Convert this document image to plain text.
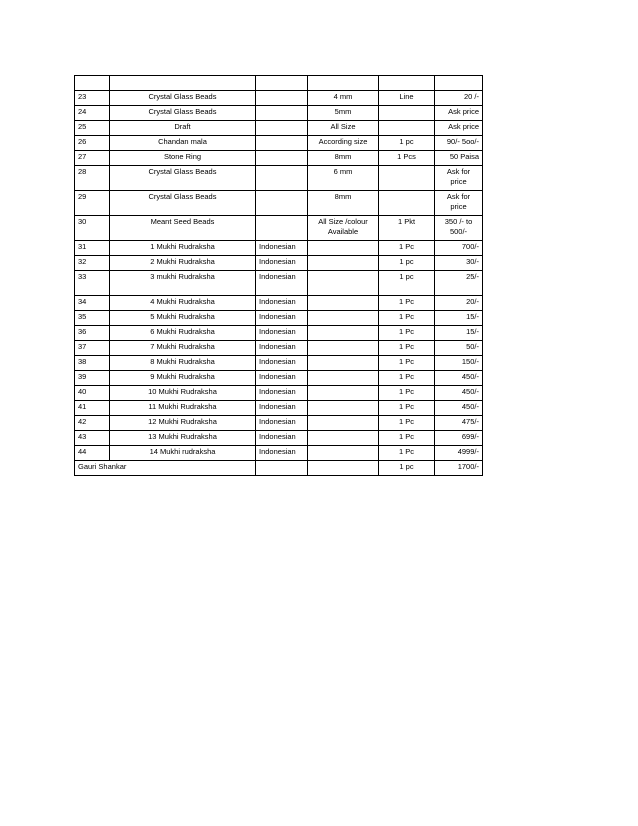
23	Crystal Glass Beads		4 mm	Line	20 /-
24	Crystal Glass Beads		5mm		Ask price
25	Draft		All Size		Ask price
26	Chandan mala		According size	1 pc	90/- 5oo/-
27	Stone Ring		8mm	1 Pcs	50 Paisa
28	Crystal Glass Beads		6 mm		Ask for price
29	Crystal Glass Beads		8mm		Ask for price
30	Meant Seed Beads		All Size /colour Available	1 Pkt	350 /- to 500/-
31	1 Mukhi Rudraksha	Indonesian		1 Pc	700/-
32	2 Mukhi Rudraksha	Indonesian		1 pc	30/-
33	3 mukhi Rudraksha	Indonesian		1 pc	25/-
34	4 Mukhi Rudraksha	Indonesian		1 Pc	20/-
35	5 Mukhi Rudraksha	Indonesian		1 Pc	15/-
36	6 Mukhi Rudraksha	Indonesian		1 Pc	15/-
37	7 Mukhi Rudraksha	Indonesian		1 Pc	50/-
38	8 Mukhi Rudraksha	Indonesian		1 Pc	150/-
39	9 Mukhi Rudraksha	Indonesian		1 Pc	450/-
40	10 Mukhi Rudraksha	Indonesian		1 Pc	450/-
41	11 Mukhi Rudraksha	Indonesian		1 Pc	450/-
42	12 Mukhi Rudraksha	Indonesian		1 Pc	475/-
43	13 Mukhi Rudraksha	Indonesian		1 Pc	699/-
44	14 Mukhi rudraksha	Indonesian		1 Pc	4999/-
Gauri Shankar				1 pc	1700/-
